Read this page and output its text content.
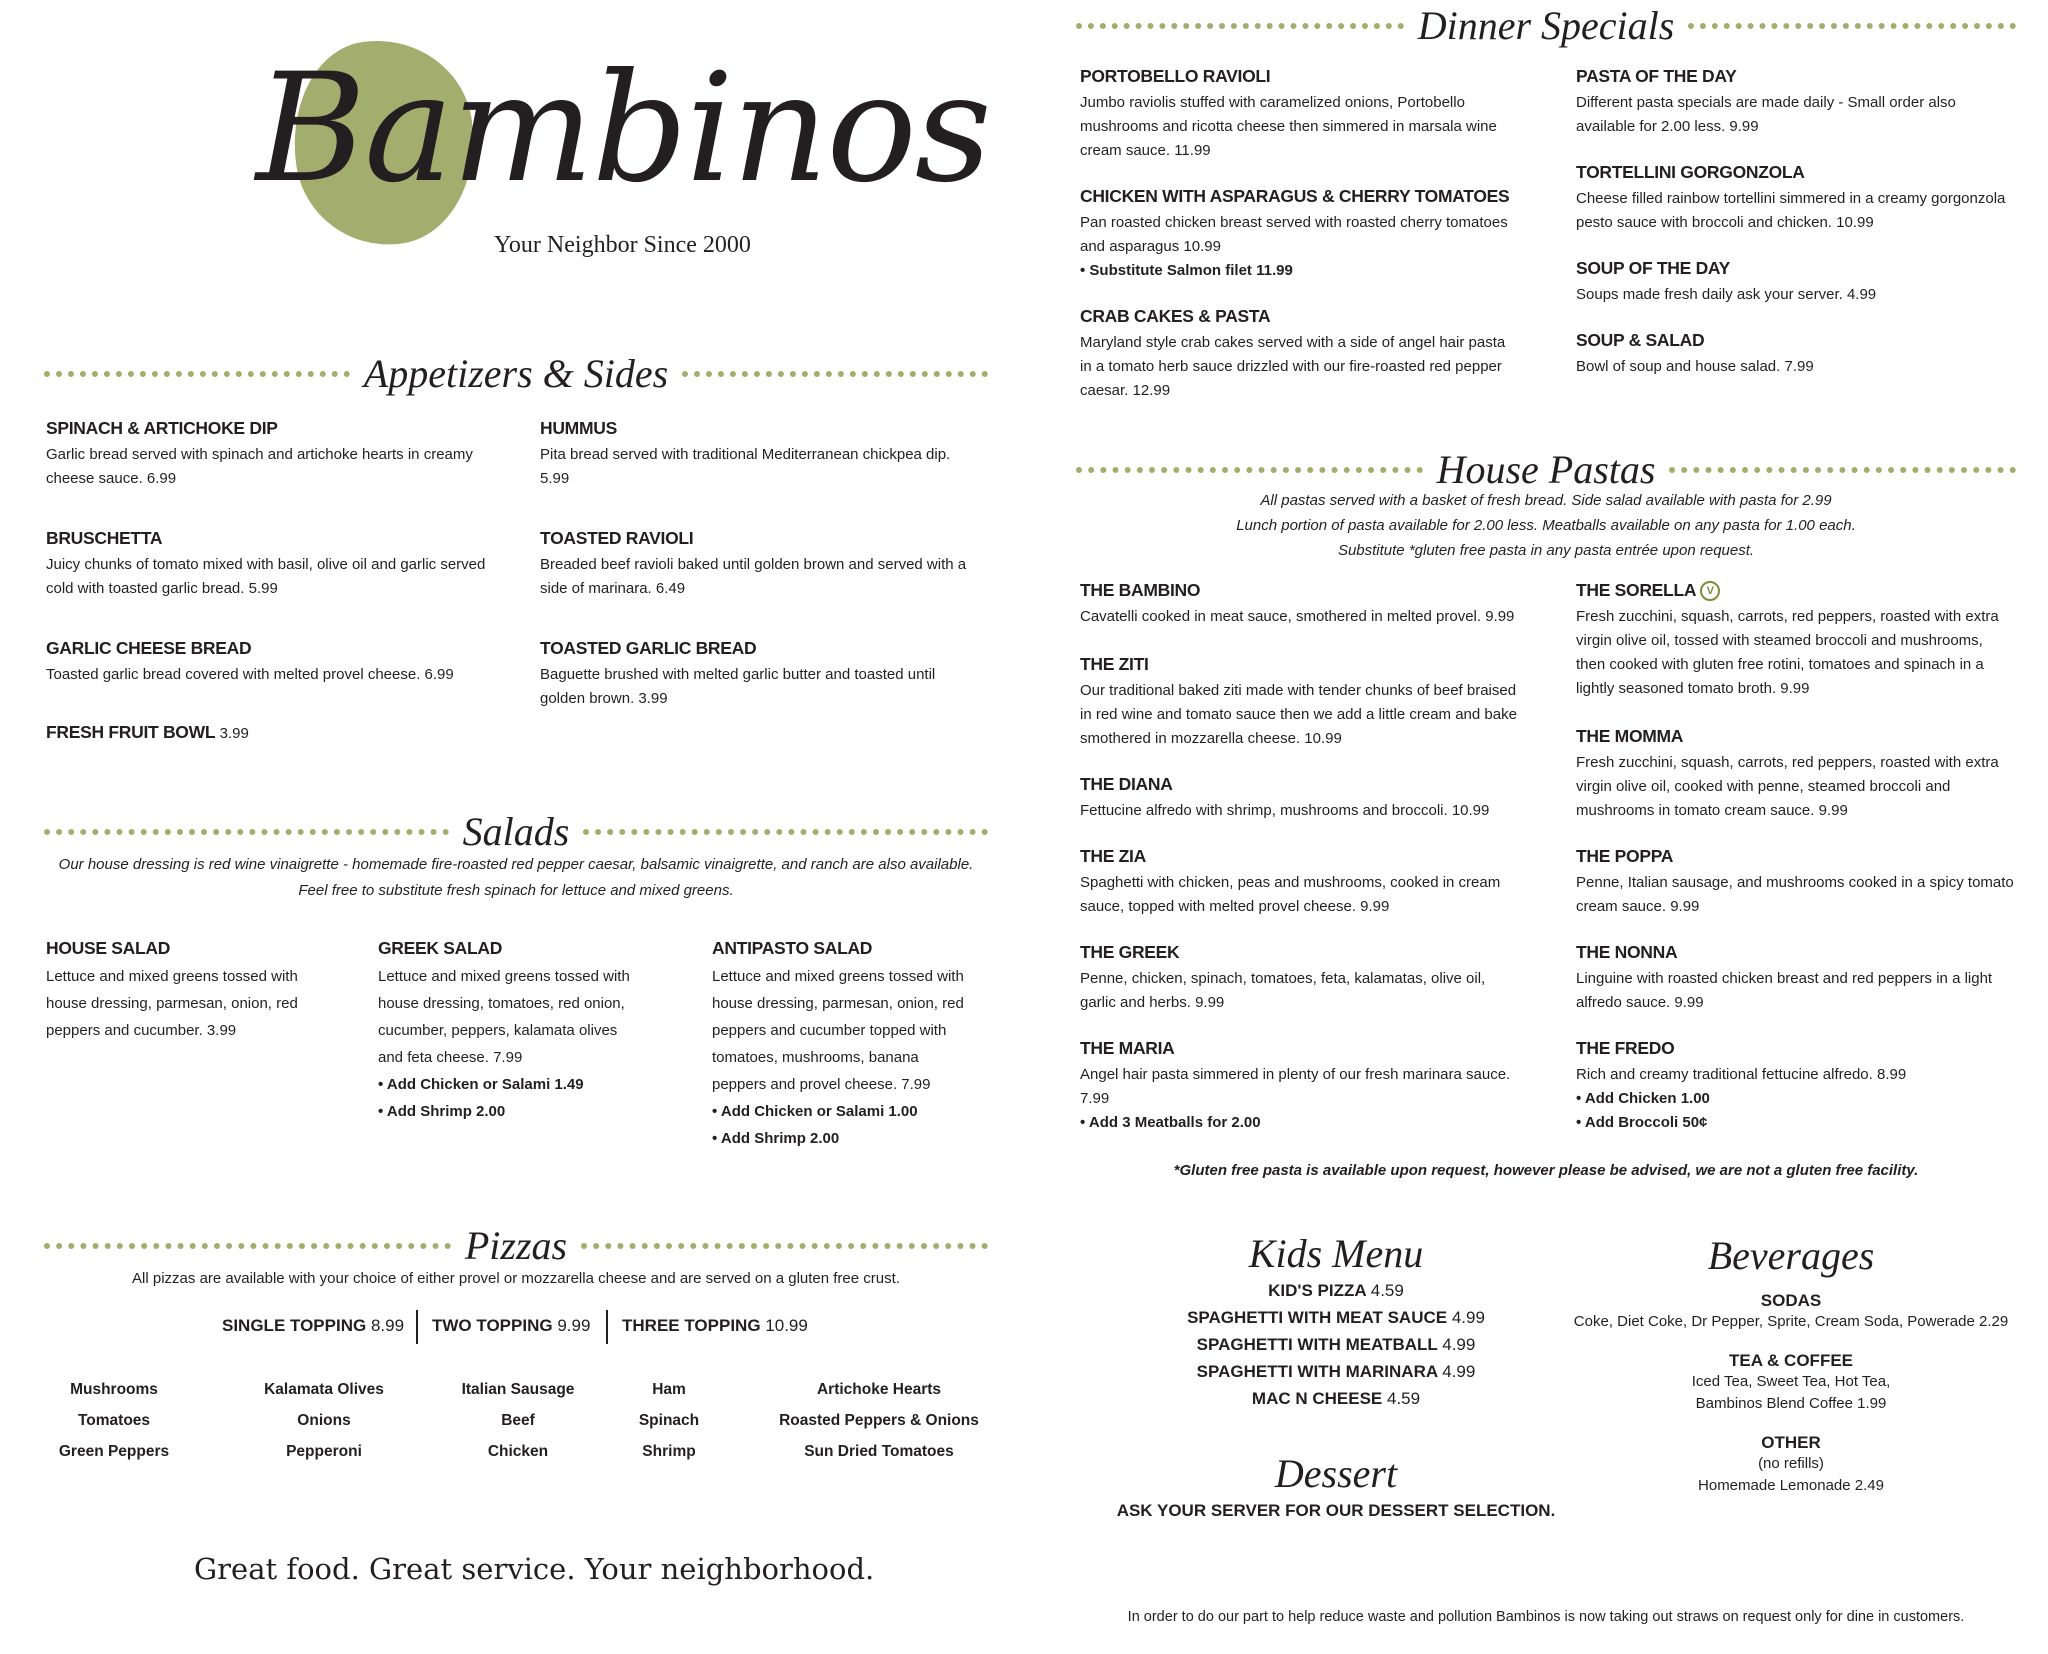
Bambinos
Your Neighbor Since 2000
Appetizers & Sides
SPINACH & ARTICHOKE DIP
Garlic bread served with spinach and artichoke hearts in creamy cheese sauce. 6.99
HUMMUS
Pita bread served with traditional Mediterranean chickpea dip. 5.99
BRUSCHETTA
Juicy chunks of tomato mixed with basil, olive oil and garlic served cold with toasted garlic bread. 5.99
TOASTED RAVIOLI
Breaded beef ravioli baked until golden brown and served with a side of marinara. 6.49
GARLIC CHEESE BREAD
Toasted garlic bread covered with melted provel cheese. 6.99
TOASTED GARLIC BREAD
Baguette brushed with melted garlic butter and toasted until golden brown. 3.99
FRESH FRUIT BOWL 3.99
Salads
Our house dressing is red wine vinaigrette - homemade fire-roasted red pepper caesar, balsamic vinaigrette, and ranch are also available.
Feel free to substitute fresh spinach for lettuce and mixed greens.
HOUSE SALAD
Lettuce and mixed greens tossed with house dressing, parmesan, onion, red peppers and cucumber. 3.99
GREEK SALAD
Lettuce and mixed greens tossed with house dressing, tomatoes, red onion, cucumber, peppers, kalamata olives and feta cheese. 7.99
• Add Chicken or Salami 1.49
• Add Shrimp 2.00
ANTIPASTO SALAD
Lettuce and mixed greens tossed with house dressing, parmesan, onion, red peppers and cucumber topped with tomatoes, mushrooms, banana peppers and provel cheese. 7.99
• Add Chicken or Salami 1.00
• Add Shrimp 2.00
Pizzas
All pizzas are available with your choice of either provel or mozzarella cheese and are served on a gluten free crust.
SINGLE TOPPING 8.99 TWO TOPPING 9.99 THREE TOPPING 10.99
Mushrooms
Tomatoes
Green Peppers
Kalamata Olives
Onions
Pepperoni
Italian Sausage
Beef
Chicken
Ham
Spinach
Shrimp
Artichoke Hearts
Roasted Peppers & Onions
Sun Dried Tomatoes
Great food. Great service. Your neighborhood.
Dinner Specials
PORTOBELLO RAVIOLI
Jumbo raviolis stuffed with caramelized onions, Portobello mushrooms and ricotta cheese then simmered in marsala wine cream sauce. 11.99
PASTA OF THE DAY
Different pasta specials are made daily - Small order also available for 2.00 less. 9.99
CHICKEN WITH ASPARAGUS & CHERRY TOMATOES
Pan roasted chicken breast served with roasted cherry tomatoes and asparagus 10.99
• Substitute Salmon filet 11.99
TORTELLINI GORGONZOLA
Cheese filled rainbow tortellini simmered in a creamy gorgonzola pesto sauce with broccoli and chicken. 10.99
CRAB CAKES & PASTA
Maryland style crab cakes served with a side of angel hair pasta in a tomato herb sauce drizzled with our fire-roasted red pepper caesar. 12.99
SOUP OF THE DAY
Soups made fresh daily ask your server. 4.99
SOUP & SALAD
Bowl of soup and house salad. 7.99
House Pastas
All pastas served with a basket of fresh bread. Side salad available with pasta for 2.99
Lunch portion of pasta available for 2.00 less. Meatballs available on any pasta for 1.00 each.
Substitute *gluten free pasta in any pasta entrée upon request.
THE BAMBINO
Cavatelli cooked in meat sauce, smothered in melted provel. 9.99
THE SORELLA V
Fresh zucchini, squash, carrots, red peppers, roasted with extra virgin olive oil, tossed with steamed broccoli and mushrooms, then cooked with gluten free rotini, tomatoes and spinach in a lightly seasoned tomato broth. 9.99
THE ZITI
Our traditional baked ziti made with tender chunks of beef braised in red wine and tomato sauce then we add a little cream and bake smothered in mozzarella cheese. 10.99	THE MOMMA
Fresh zucchini, squash, carrots, red peppers, roasted with extra virgin olive oil, cooked with penne, steamed broccoli and mushrooms in tomato cream sauce. 9.99
THE DIANA
Fettucine alfredo with shrimp, mushrooms and broccoli. 10.99
THE ZIA
Spaghetti with chicken, peas and mushrooms, cooked in cream sauce, topped with melted provel cheese. 9.99
THE POPPA
Penne, Italian sausage, and mushrooms cooked in a spicy tomato cream sauce. 9.99
THE GREEK
Penne, chicken, spinach, tomatoes, feta, kalamatas, olive oil, garlic and herbs. 9.99
THE NONNA
Linguine with roasted chicken breast and red peppers in a light alfredo sauce. 9.99
THE MARIA
Angel hair pasta simmered in plenty of our fresh marinara sauce. 7.99
• Add 3 Meatballs for 2.00
THE FREDO
Rich and creamy traditional fettucine alfredo. 8.99
• Add Chicken 1.00
• Add Broccoli 50¢
*Gluten free pasta is available upon request, however please be advised, we are not a gluten free facility.
Kids Menu
KID'S PIZZA 4.59
SPAGHETTI WITH MEAT SAUCE 4.99
SPAGHETTI WITH MEATBALL 4.99
SPAGHETTI WITH MARINARA 4.99
MAC N CHEESE 4.59
Dessert
ASK YOUR SERVER FOR OUR DESSERT SELECTION.
Beverages
SODAS
Coke, Diet Coke, Dr Pepper, Sprite, Cream Soda, Powerade 2.29
TEA & COFFEE
Iced Tea, Sweet Tea, Hot Tea,
Bambinos Blend Coffee 1.99
OTHER
(no refills)
Homemade Lemonade 2.49
In order to do our part to help reduce waste and pollution Bambinos is now taking out straws on request only for dine in customers.
